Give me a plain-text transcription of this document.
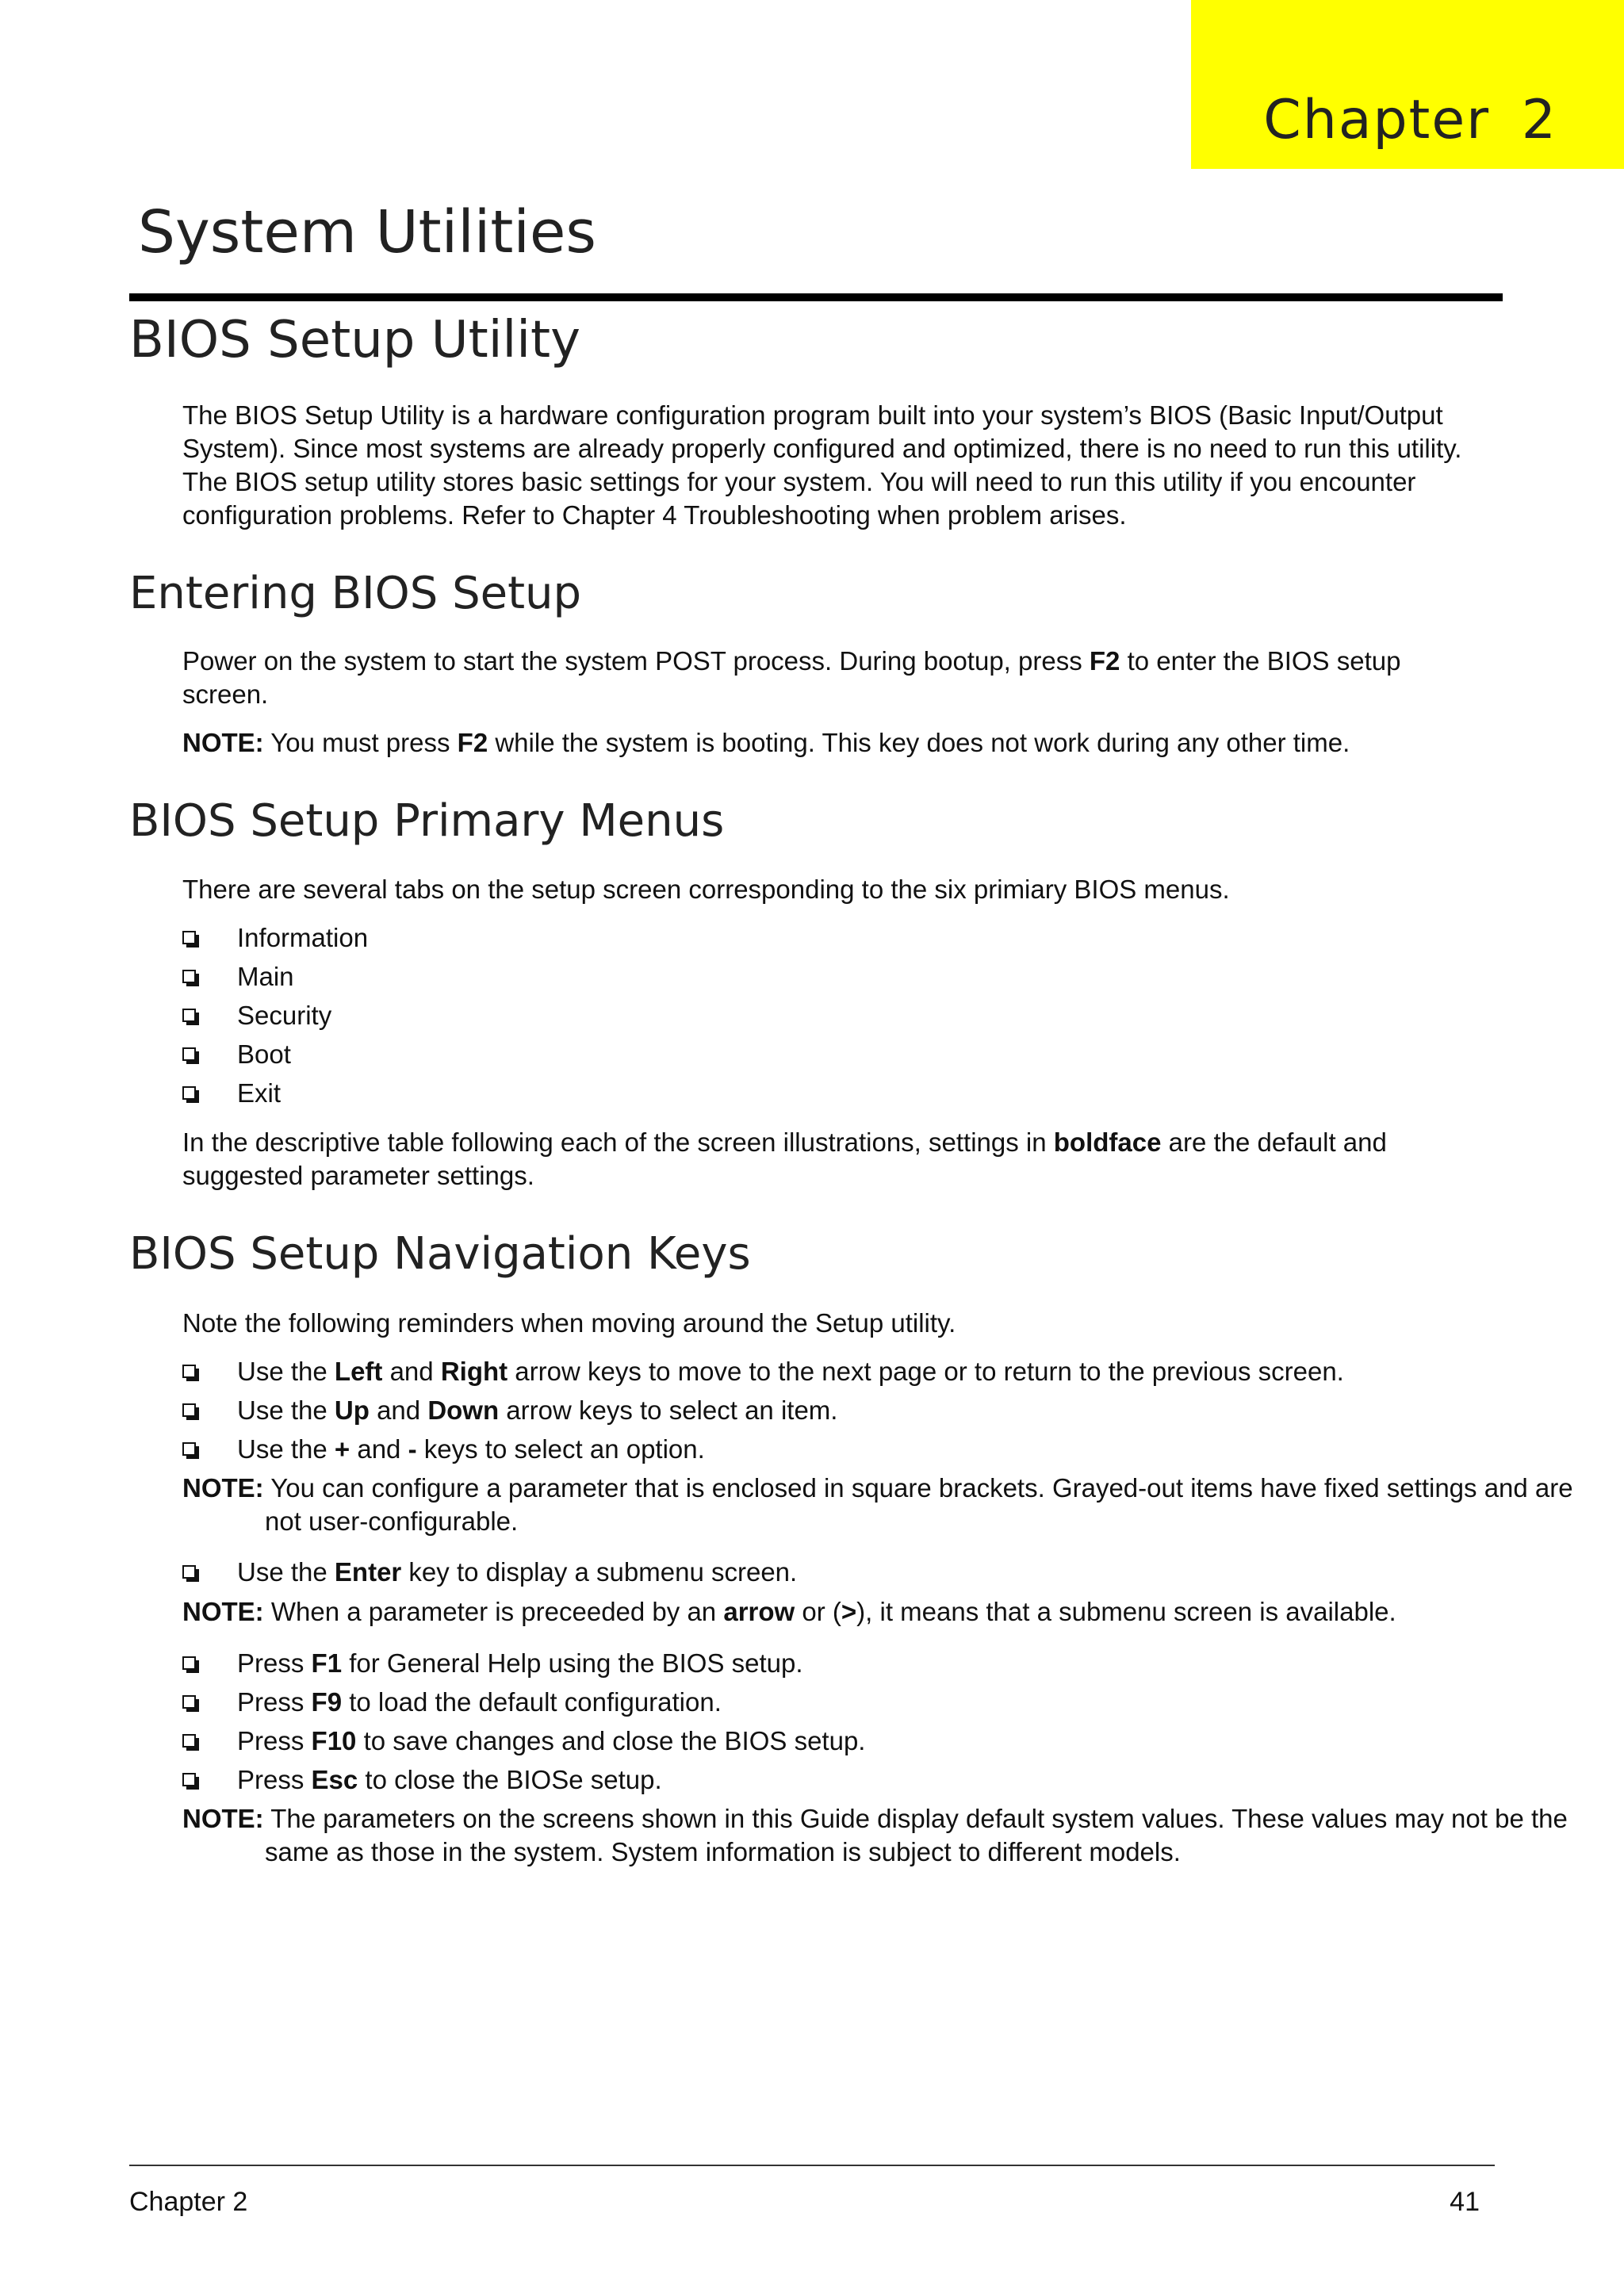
Chapter 2
System Utilities
BIOS Setup Utility

The BIOS Setup Utility is a hardware configuration program built into your system’s BIOS (Basic Input/Output System). Since most systems are already properly configured and optimized, there is no need to run this utility. The BIOS setup utility stores basic settings for your system. You will need to run this utility if you encounter configuration problems. Refer to Chapter 4 Troubleshooting when problem arises.

Entering BIOS Setup

Power on the system to start the system POST process. During bootup, press F2 to enter the BIOS setup screen.

NOTE: You must press F2 while the system is booting. This key does not work during any other time.

BIOS Setup Primary Menus

There are several tabs on the setup screen corresponding to the six primiary BIOS menus.

Information
Main
Security
Boot
Exit

In the descriptive table following each of the screen illustrations, settings in boldface are the default and suggested parameter settings.

BIOS Setup Navigation Keys

Note the following reminders when moving around the Setup utility.

Use the Left and Right arrow keys to move to the next page or to return to the previous screen.
Use the Up and Down arrow keys to select an item.
Use the + and - keys to select an option.

NOTE: You can configure a parameter that is enclosed in square brackets. Grayed-out items have fixed settings and are not user-configurable.

Use the Enter key to display a submenu screen.

NOTE: When a parameter is preceeded by an arrow or (>), it means that a submenu screen is available.

Press F1 for General Help using the BIOS setup.
Press F9 to load the default configuration.
Press F10 to save changes and close the BIOS setup.
Press Esc to close the BIOSe setup.

NOTE: The parameters on the screens shown in this Guide display default system values. These values may not be the same as those in the system. System information is subject to different models.

Chapter 2	41
